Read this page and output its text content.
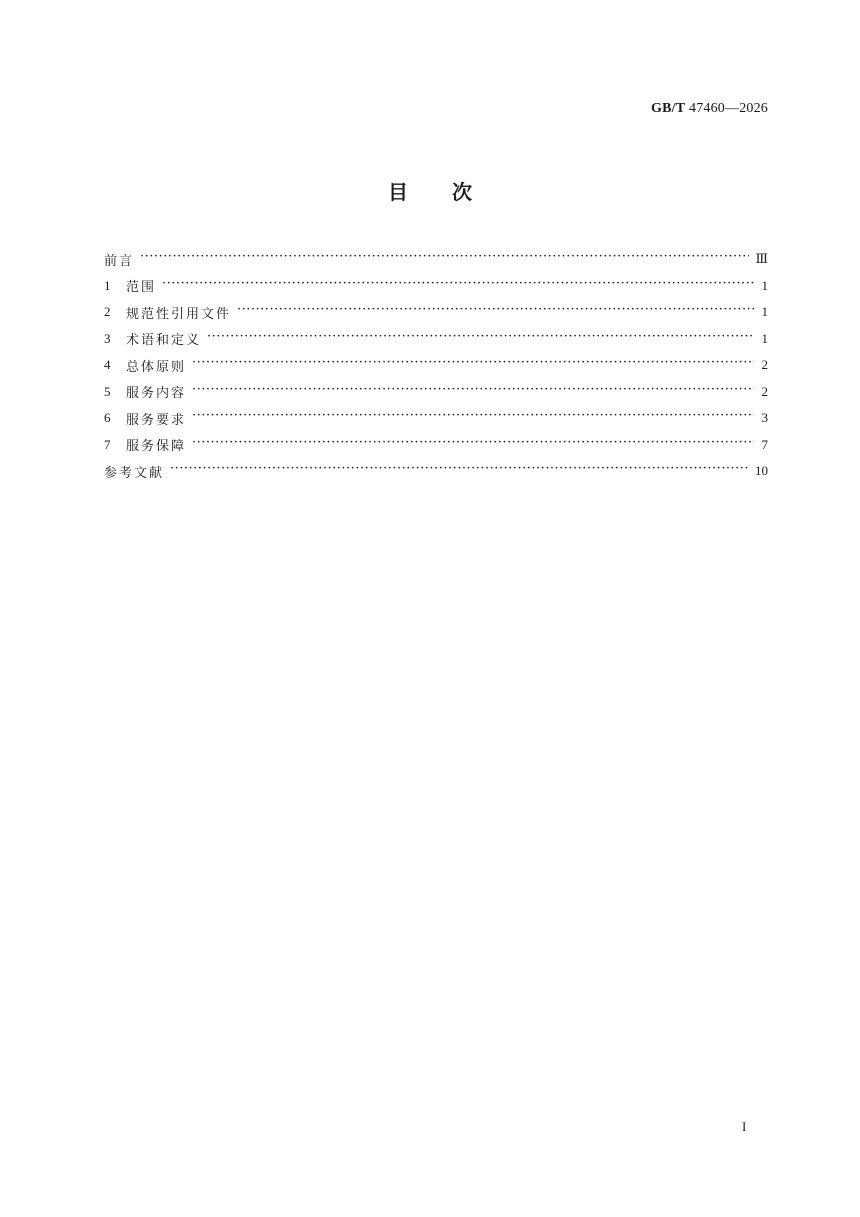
GB/T 47460—2026
目次
前言 ·····	Ⅲ
1	范围 ·····	1
2	规范性引用文件 ·····	1
3	术语和定义 ·····	1
4	总体原则 ·····	2
5	服务内容 ·····	2
6	服务要求 ·····	3
7	服务保障 ·····	7
参考文献 ·····	10
I
